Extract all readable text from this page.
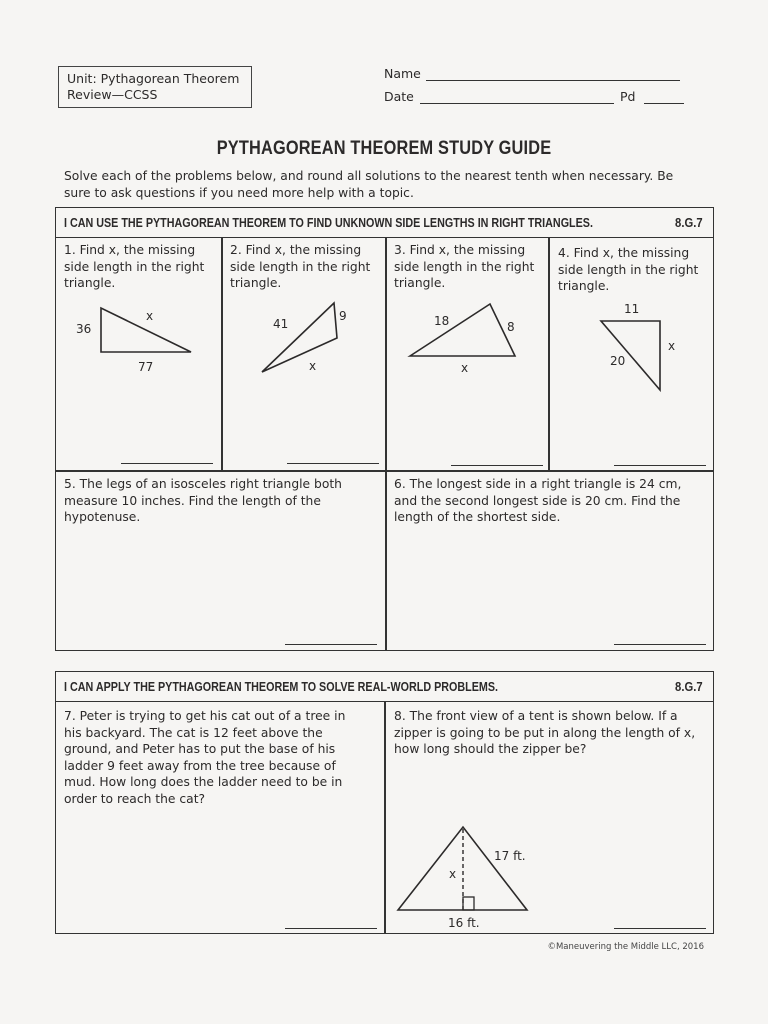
Unit: Pythagorean Theorem
Review—CCSS
Name
Date	Pd
PYTHAGOREAN THEOREM STUDY GUIDE
Solve each of the problems below, and round all solutions to the nearest tenth when necessary. Be
sure to ask questions if you need more help with a topic.
I CAN USE THE PYTHAGOREAN THEOREM TO FIND UNKNOWN SIDE LENGTHS IN RIGHT TRIANGLES.	8.G.7
1. Find x, the missing side length in the right triangle.
36
x
77
2. Find x, the missing side length in the right triangle.
41
9
x
3. Find x, the missing side length in the right triangle.
18	8
x
4. Find x, the missing side length in the right triangle.
11
x
20
5. The legs of an isosceles right triangle both measure 10 inches. Find the length of the hypotenuse.
6. The longest side in a right triangle is 24 cm, and the second longest side is 20 cm. Find the length of the shortest side.
I CAN APPLY THE PYTHAGOREAN THEOREM TO SOLVE REAL-WORLD PROBLEMS.	8.G.7
7. Peter is trying to get his cat out of a tree in his backyard. The cat is 12 feet above the ground, and Peter has to put the base of his ladder 9 feet away from the tree because of mud. How long does the ladder need to be in order to reach the cat?
8. The front view of a tent is shown below. If a zipper is going to be put in along the length of x, how long should the zipper be?
17 ft.
x
16 ft.
©Maneuvering the Middle LLC, 2016
